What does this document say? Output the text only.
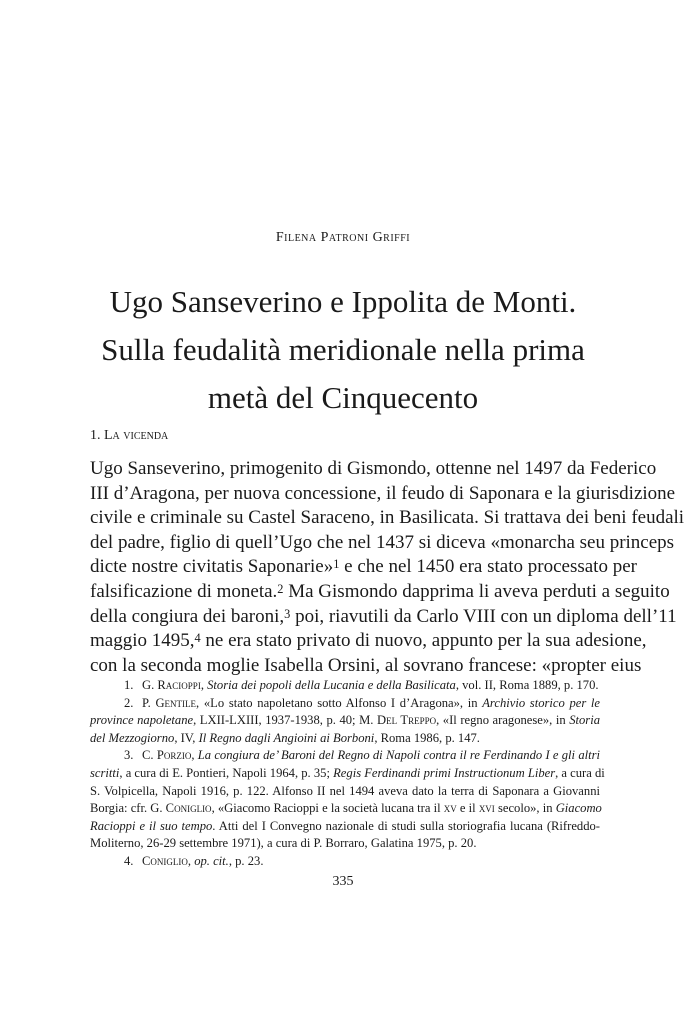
Filena Patroni Griffi
Ugo Sanseverino e Ippolita de Monti.
Sulla feudalità meridionale nella prima
metà del Cinquecento
1. La vicenda
Ugo Sanseverino, primogenito di Gismondo, ottenne nel 1497 da Federico
III d’Aragona, per nuova concessione, il feudo di Saponara e la giurisdizione
civile e criminale su Castel Saraceno, in Basilicata. Si trattava dei beni feudali
del padre, figlio di quell’Ugo che nel 1437 si diceva «monarcha seu princeps
dicte nostre civitatis Saponarie»$^1$ e che nel 1450 era stato processato per
falsificazione di moneta.$^2$ Ma Gismondo dapprima li aveva perduti a seguito
della congiura dei baroni,$^3$ poi, riavutili da Carlo VIII con un diploma dell’11
maggio 1495,$^4$ ne era stato privato di nuovo, appunto per la sua adesione,
con la seconda moglie Isabella Orsini, al sovrano francese: «propter eius
1. G. Racioppi, Storia dei popoli della Lucania e della Basilicata, vol. II, Roma 1889, p. 170.
2. P. Gentile, «Lo stato napoletano sotto Alfonso I d’Aragona», in Archivio storico per le
province napoletane, LXII-LXIII, 1937-1938, p. 40; M. Del Treppo, «Il regno aragonese», in Storia
del Mezzogiorno, IV, Il Regno dagli Angioini ai Borboni, Roma 1986, p. 147.
3. C. Porzio, La congiura de’ Baroni del Regno di Napoli contra il re Ferdinando I e gli altri
scritti, a cura di E. Pontieri, Napoli 1964, p. 35; Regis Ferdinandi primi Instructionum Liber, a cura di
S. Volpicella, Napoli 1916, p. 122. Alfonso II nel 1494 aveva dato la terra di Saponara a Giovanni
Borgia: cfr. G. Coniglio, «Giacomo Racioppi e la società lucana tra il xv e il xvi secolo», in Giacomo
Racioppi e il suo tempo. Atti del I Convegno nazionale di studi sulla storiografia lucana (Rifreddo-
Moliterno, 26-29 settembre 1971), a cura di P. Borraro, Galatina 1975, p. 20.
4. Coniglio, op. cit., p. 23.
335
